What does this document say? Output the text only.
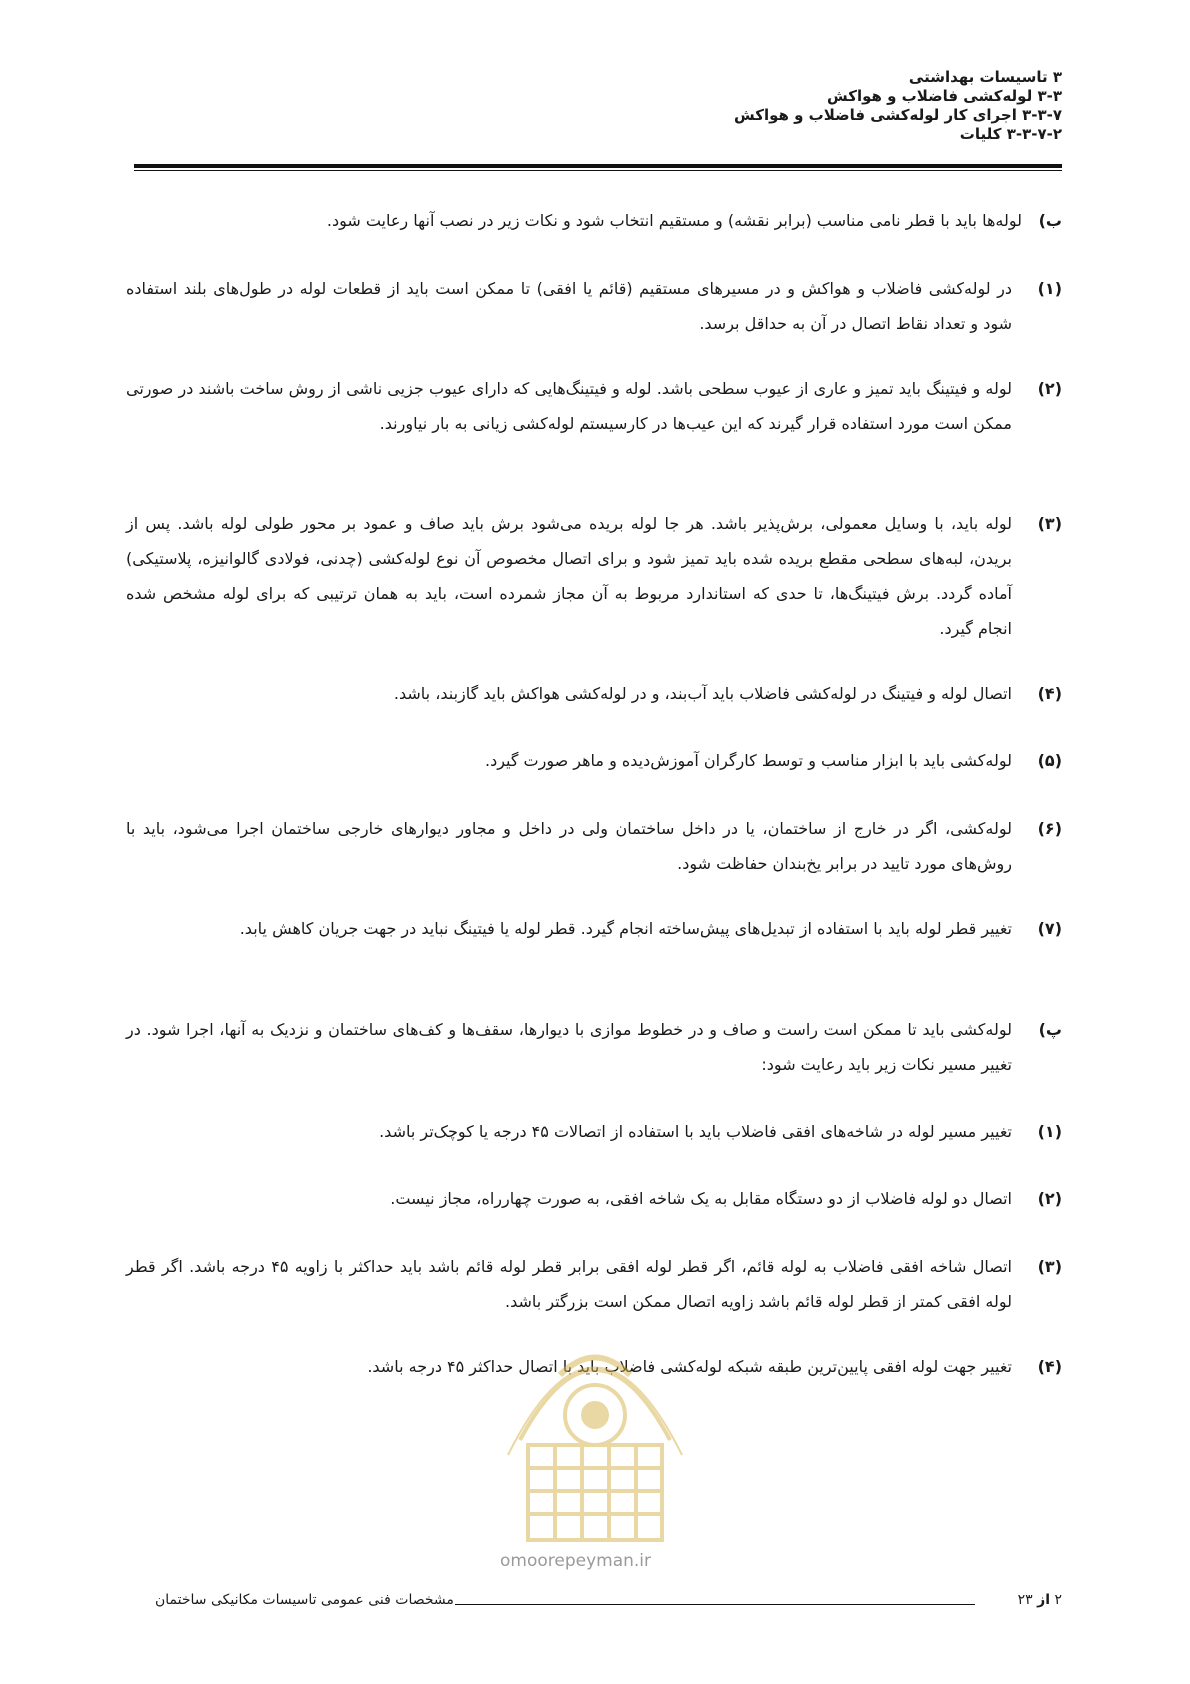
۳ تاسیسات بهداشتی
۳-۳ لوله‌کشی فاضلاب و هواکش
۳-۳-۷ اجرای کار لوله‌کشی فاضلاب و هواکش
۳-۳-۷-۲ کلیات
ب)
لوله‌ها باید با قطر نامی مناسب (برابر نقشه) و مستقیم انتخاب شود و نکات زیر در نصب آنها رعایت شود.
(۱)
در لوله‌کشی فاضلاب و هواکش و در مسیرهای مستقیم (قائم یا افقی) تا ممکن است باید از قطعات لوله در طول‌های بلند استفاده شود و تعداد نقاط اتصال در آن به حداقل برسد.
(۲)
لوله و فیتینگ باید تمیز و عاری از عیوب سطحی باشد. لوله و فیتینگ‌هایی که دارای عیوب جزیی ناشی از روش ساخت باشند در صورتی ممکن است مورد استفاده قرار گیرند که این عیب‌ها در کارسیستم لوله‌کشی زیانی به بار نیاورند.
(۳)
لوله باید، با وسایل معمولی، برش‌پذیر باشد. هر جا لوله بریده می‌شود برش باید صاف و عمود بر محور طولی لوله باشد. پس از بریدن، لبه‌های سطحی مقطع بریده شده باید تمیز شود و برای اتصال مخصوص آن نوع لوله‌کشی (چدنی، فولادی گالوانیزه، پلاستیکی) آماده گردد. برش فیتینگ‌ها، تا حدی که استاندارد مربوط به آن مجاز شمرده است، باید به همان ترتیبی که برای لوله مشخص شده انجام گیرد.
(۴)
اتصال لوله و فیتینگ در لوله‌کشی فاضلاب باید آب‌بند، و در لوله‌کشی هواکش باید گازبند، باشد.
(۵)
لوله‌کشی باید با ابزار مناسب و توسط کارگران آموزش‌دیده و ماهر صورت گیرد.
(۶)
لوله‌کشی، اگر در خارج از ساختمان، یا در داخل ساختمان ولی در داخل و مجاور دیوارهای خارجی ساختمان اجرا می‌شود، باید با روش‌های مورد تایید در برابر یخ‌بندان حفاظت شود.
(۷)
تغییر قطر لوله باید با استفاده از تبدیل‌های پیش‌ساخته انجام گیرد. قطر لوله یا فیتینگ نباید در جهت جریان کاهش یابد.
پ)
لوله‌کشی باید تا ممکن است راست و صاف و در خطوط موازی با دیوارها، سقف‌ها و کف‌های ساختمان و نزدیک به آنها، اجرا شود. در تغییر مسیر نکات زیر باید رعایت شود:
(۱)
تغییر مسیر لوله در شاخه‌های افقی فاضلاب باید با استفاده از اتصالات ۴۵ درجه یا کوچک‌تر باشد.
(۲)
اتصال دو لوله فاضلاب از دو دستگاه مقابل به یک شاخه افقی، به صورت چهارراه، مجاز نیست.
(۳)
اتصال شاخه افقی فاضلاب به لوله قائم، اگر قطر لوله افقی برابر قطر لوله قائم باشد باید حداکثر با زاویه ۴۵ درجه باشد. اگر قطر لوله افقی کمتر از قطر لوله قائم باشد زاویه اتصال ممکن است بزرگتر باشد.
(۴)
تغییر جهت لوله افقی پایین‌ترین طبقه شبکه لوله‌کشی فاضلاب باید با اتصال حداکثر ۴۵ درجه باشد.
omoorepeyman.ir
مشخصات فنی عمومی تاسیسات مکانیکی ساختمان	۲ از ۲۳
